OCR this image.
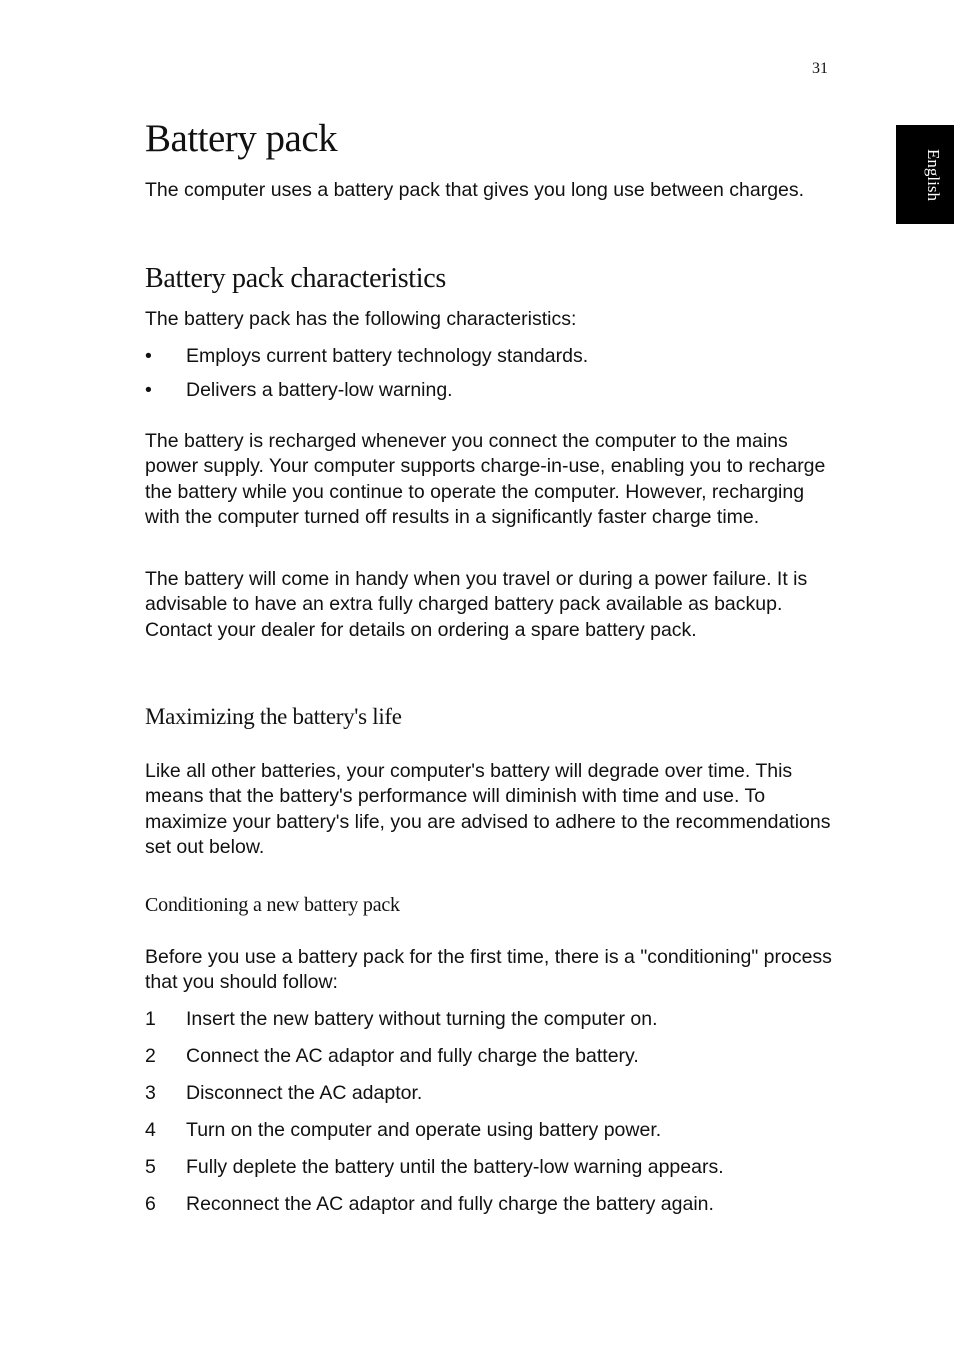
31
English
Battery pack

The computer uses a battery pack that gives you long use between charges.

Battery pack characteristics

The battery pack has the following characteristics:

• Employs current battery technology standards.
• Delivers a battery-low warning.

The battery is recharged whenever you connect the computer to the mains power supply. Your computer supports charge-in-use, enabling you to recharge the battery while you continue to operate the computer. However, recharging with the computer turned off results in a significantly faster charge time.

The battery will come in handy when you travel or during a power failure. It is advisable to have an extra fully charged battery pack available as backup. Contact your dealer for details on ordering a spare battery pack.

Maximizing the battery's life

Like all other batteries, your computer's battery will degrade over time. This means that the battery's performance will diminish with time and use. To maximize your battery's life, you are advised to adhere to the recommendations set out below.

Conditioning a new battery pack

Before you use a battery pack for the first time, there is a "conditioning" process that you should follow:

1 Insert the new battery without turning the computer on.
2 Connect the AC adaptor and fully charge the battery.
3 Disconnect the AC adaptor.
4 Turn on the computer and operate using battery power.
5 Fully deplete the battery until the battery-low warning appears.
6 Reconnect the AC adaptor and fully charge the battery again.
